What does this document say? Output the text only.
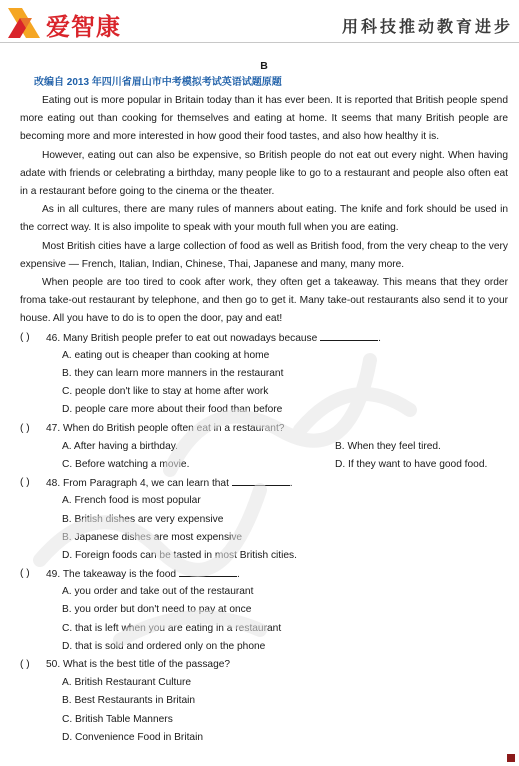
爱智康	用科技推动教育进步
B
改编自 2013 年四川省眉山市中考模拟考试英语试题原题

Eating out is more popular in Britain today than it has ever been. It is reported that British people spend more eating out than cooking for themselves and eating at home. It seems that many British people are becoming more and more interested in how good their food tastes, and also how healthy it is.

However, eating out can also be expensive, so British people do not eat out every night. When having adate with friends or celebrating a birthday, many people like to go to a restaurant and people also often eat in a restaurant before going to the cinema or the theater.

As in all cultures, there are many rules of manners about eating. The knife and fork should be used in the correct way. It is also impolite to speak with your mouth full when you are eating.

Most British cities have a large collection of food as well as British food, from the very cheap to the very expensive — French, Italian, Indian, Chinese, Thai, Japanese and many, many more.

When people are too tired to cook after work, they often get a takeaway. This means that they order froma take-out restaurant by telephone, and then go to get it. Many take-out restaurants also send it to your house. All you have to do is to open the door, pay and eat!

( ) 46. Many British people prefer to eat out nowadays because	.
A. eating out is cheaper than cooking at home
B. they can learn more manners in the restaurant
C. people don't like to stay at home after work
D. people care more about their food than before
( ) 47. When do British people often eat in a restaurant?
A. After having a birthday.	B. When they feel tired.
C. Before watching a movie.	D. If they want to have good food.
( ) 48. From Paragraph 4, we can learn that	.
A. French food is most popular
B. British dishes are very expensive
B. Japanese dishes are most expensive
D. Foreign foods can be tasted in most British cities.
( ) 49. The takeaway is the food	.
A. you order and take out of the restaurant
B. you order but don't need to pay at once
C. that is left when you are eating in a restaurant
D. that is sold and ordered only on the phone
( ) 50. What is the best title of the passage?
A. British Restaurant Culture
B. Best Restaurants in Britain
C. British Table Manners
D. Convenience Food in Britain
